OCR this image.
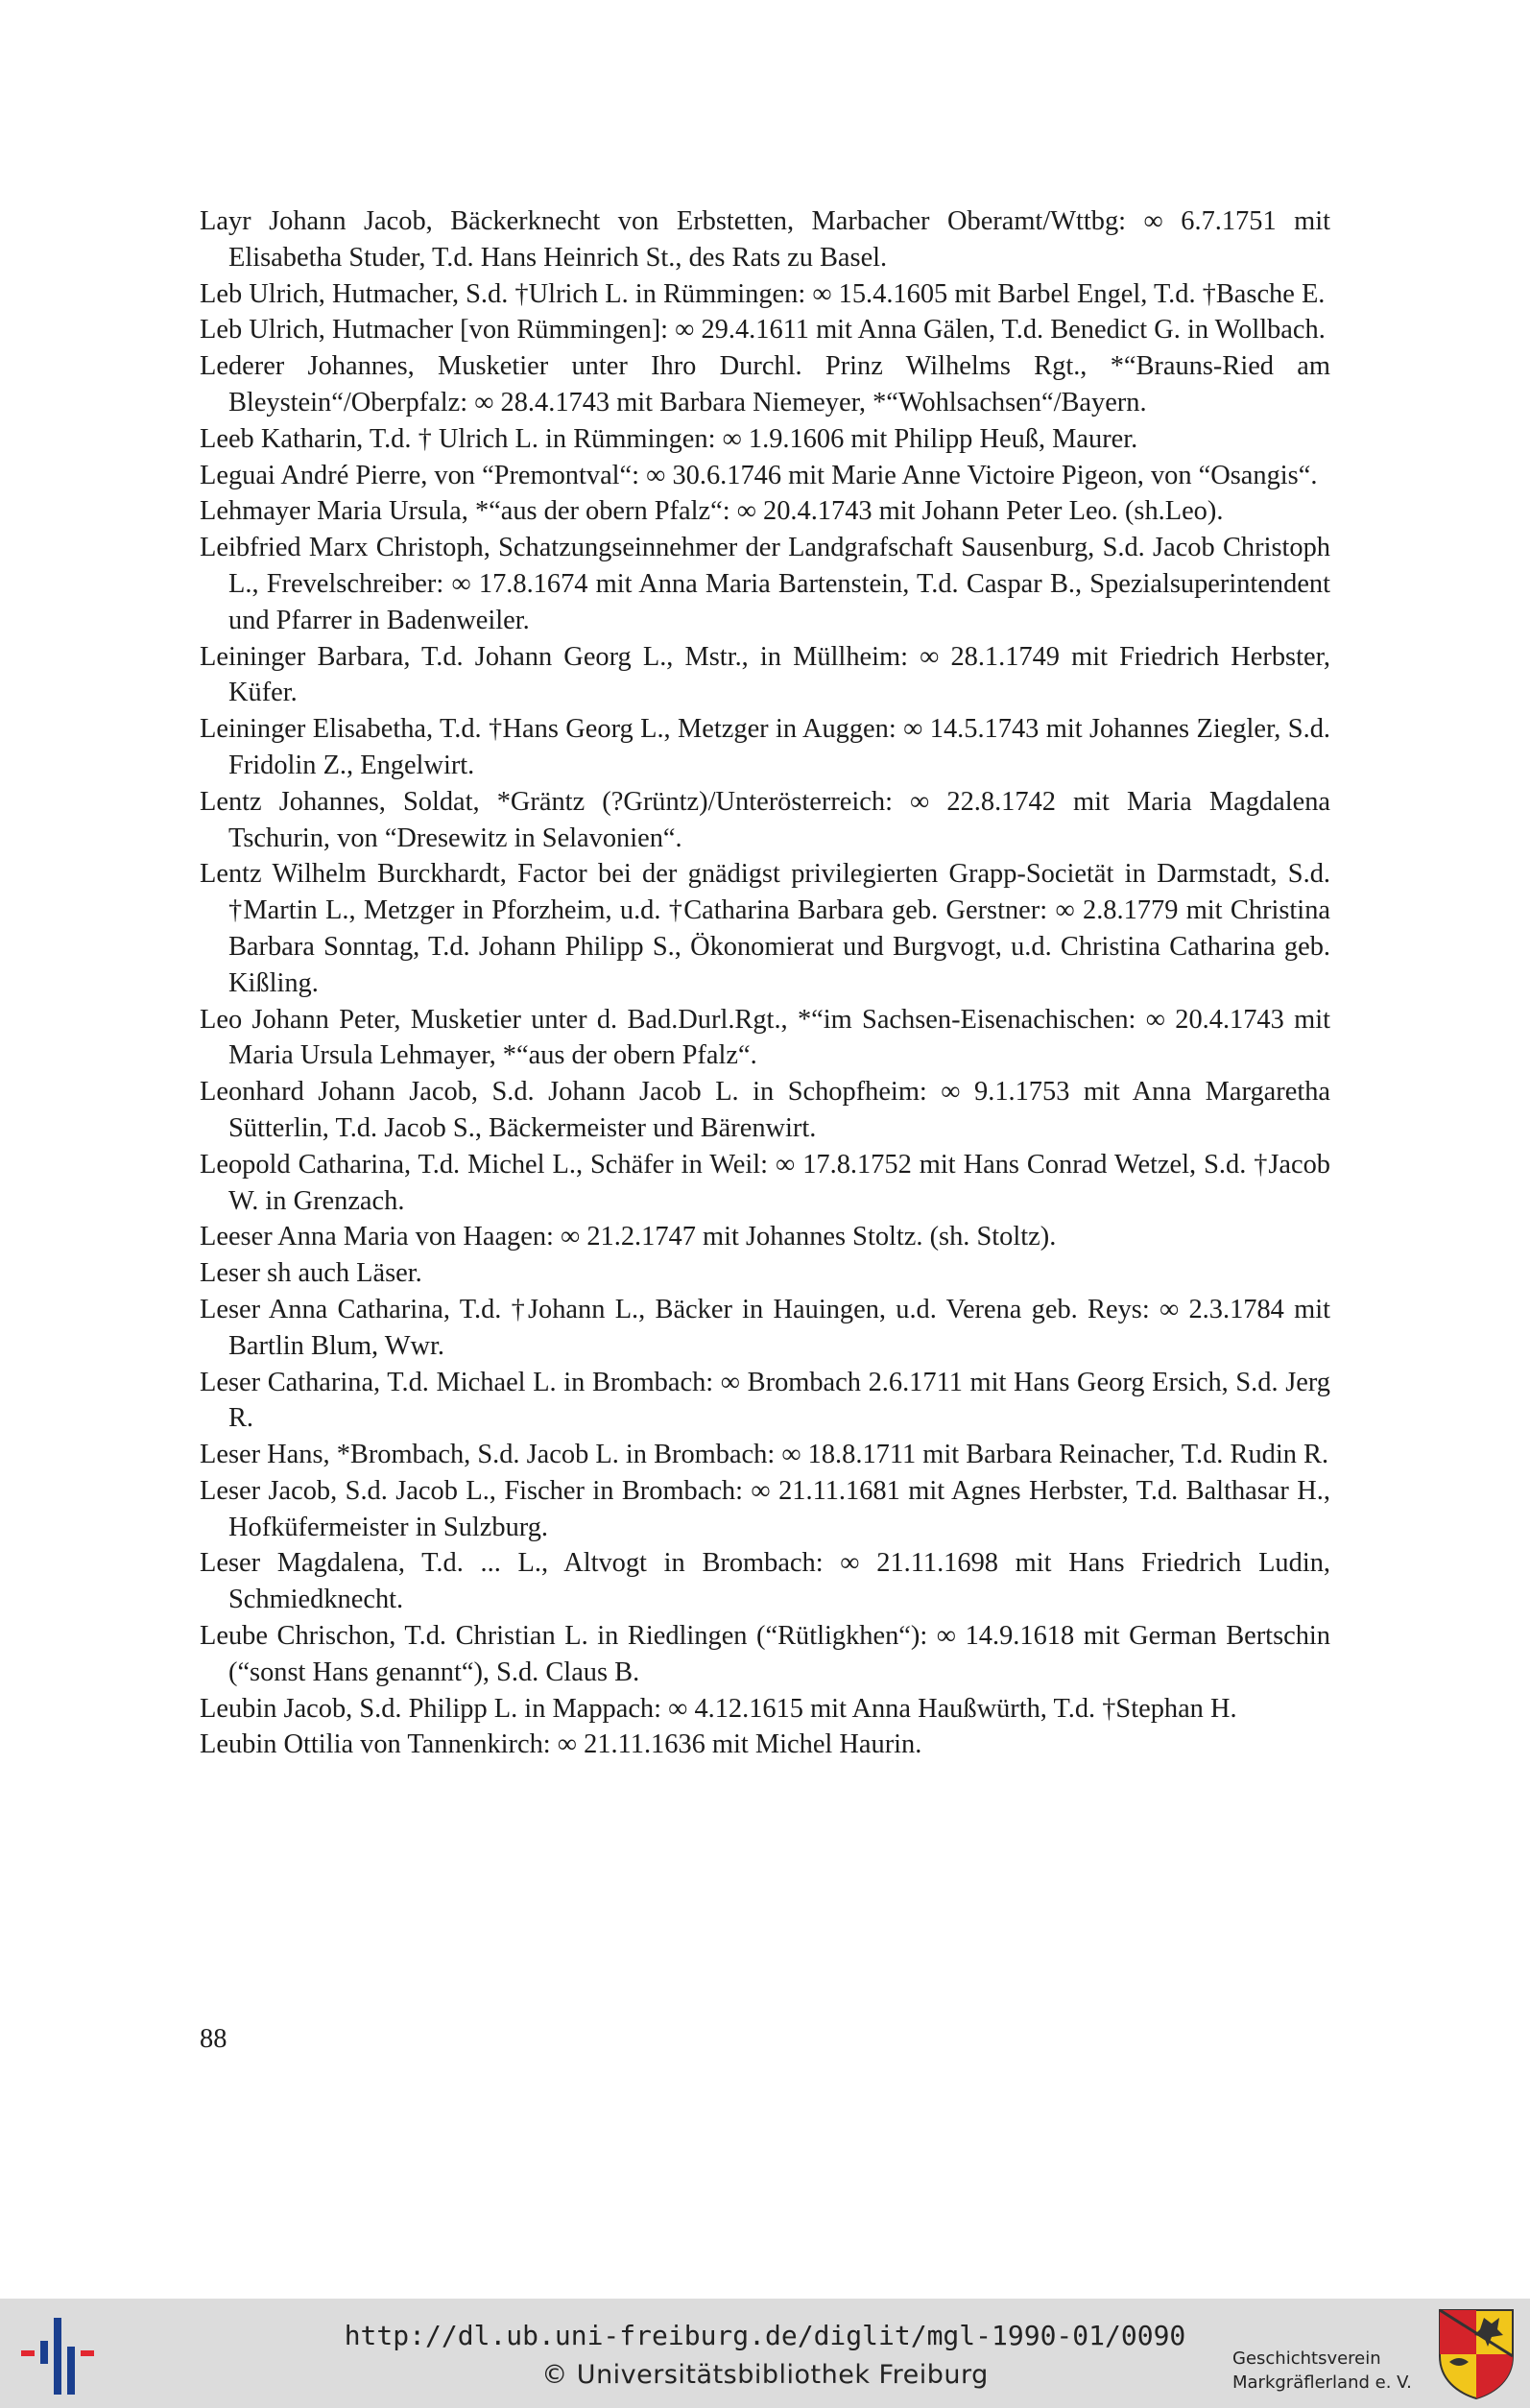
Layr Johann Jacob, Bäckerknecht von Erbstetten, Marbacher Oberamt/Wttbg: ∞ 6.7.1751 mit Elisabetha Studer, T.d. Hans Heinrich St., des Rats zu Basel.
Leb Ulrich, Hutmacher, S.d. †Ulrich L. in Rümmingen: ∞ 15.4.1605 mit Barbel Engel, T.d. †Basche E.
Leb Ulrich, Hutmacher [von Rümmingen]: ∞ 29.4.1611 mit Anna Gälen, T.d. Benedict G. in Wollbach.
Lederer Johannes, Musketier unter Ihro Durchl. Prinz Wilhelms Rgt., *“Brauns-Ried am Bleystein“/Oberpfalz: ∞ 28.4.1743 mit Barbara Niemeyer, *“Wohlsachsen“/Bayern.
Leeb Katharin, T.d. † Ulrich L. in Rümmingen: ∞ 1.9.1606 mit Philipp Heuß, Maurer.
Leguai André Pierre, von “Premontval“: ∞ 30.6.1746 mit Marie Anne Victoire Pigeon, von “Osangis“.
Lehmayer Maria Ursula, *“aus der obern Pfalz“: ∞ 20.4.1743 mit Johann Peter Leo. (sh.Leo).
Leibfried Marx Christoph, Schatzungseinnehmer der Landgrafschaft Sausenburg, S.d. Jacob Christoph L., Frevelschreiber: ∞ 17.8.1674 mit Anna Maria Bartenstein, T.d. Caspar B., Spezialsuperintendent und Pfarrer in Badenweiler.
Leininger Barbara, T.d. Johann Georg L., Mstr., in Müllheim: ∞ 28.1.1749 mit Friedrich Herbster, Küfer.
Leininger Elisabetha, T.d. †Hans Georg L., Metzger in Auggen: ∞ 14.5.1743 mit Johannes Ziegler, S.d. Fridolin Z., Engelwirt.
Lentz Johannes, Soldat, *Gräntz (?Grüntz)/Unterösterreich: ∞ 22.8.1742 mit Maria Magdalena Tschurin, von “Dresewitz in Selavonien“.
Lentz Wilhelm Burckhardt, Factor bei der gnädigst privilegierten Grapp-Societät in Darmstadt, S.d. †Martin L., Metzger in Pforzheim, u.d. †Catharina Barbara geb. Gerstner: ∞ 2.8.1779 mit Christina Barbara Sonntag, T.d. Johann Philipp S., Ökonomierat und Burgvogt, u.d. Christina Catharina geb. Kißling.
Leo Johann Peter, Musketier unter d. Bad.Durl.Rgt., *“im Sachsen-Eisenachischen: ∞ 20.4.1743 mit Maria Ursula Lehmayer, *“aus der obern Pfalz“.
Leonhard Johann Jacob, S.d. Johann Jacob L. in Schopfheim: ∞ 9.1.1753 mit Anna Margaretha Sütterlin, T.d. Jacob S., Bäckermeister und Bärenwirt.
Leopold Catharina, T.d. Michel L., Schäfer in Weil: ∞ 17.8.1752 mit Hans Conrad Wetzel, S.d. †Jacob W. in Grenzach.
Leeser Anna Maria von Haagen: ∞ 21.2.1747 mit Johannes Stoltz. (sh. Stoltz).
Leser sh auch Läser.
Leser Anna Catharina, T.d. †Johann L., Bäcker in Hauingen, u.d. Verena geb. Reys: ∞ 2.3.1784 mit Bartlin Blum, Wwr.
Leser Catharina, T.d. Michael L. in Brombach: ∞ Brombach 2.6.1711 mit Hans Georg Ersich, S.d. Jerg R.
Leser Hans, *Brombach, S.d. Jacob L. in Brombach: ∞ 18.8.1711 mit Barbara Reinacher, T.d. Rudin R.
Leser Jacob, S.d. Jacob L., Fischer in Brombach: ∞ 21.11.1681 mit Agnes Herbster, T.d. Balthasar H., Hofküfermeister in Sulzburg.
Leser Magdalena, T.d. ... L., Altvogt in Brombach: ∞ 21.11.1698 mit Hans Friedrich Ludin, Schmiedknecht.
Leube Chrischon, T.d. Christian L. in Riedlingen (“Rütligkhen“): ∞ 14.9.1618 mit German Bertschin (“sonst Hans genannt“), S.d. Claus B.
Leubin Jacob, S.d. Philipp L. in Mappach: ∞ 4.12.1615 mit Anna Haußwürth, T.d. †Stephan H.
Leubin Ottilia von Tannenkirch: ∞ 21.11.1636 mit Michel Haurin.
88
http://dl.ub.uni-freiburg.de/diglit/mgl-1990-01/0090
© Universitätsbibliothek Freiburg
Geschichtsverein
Markgräflerland e. V.
